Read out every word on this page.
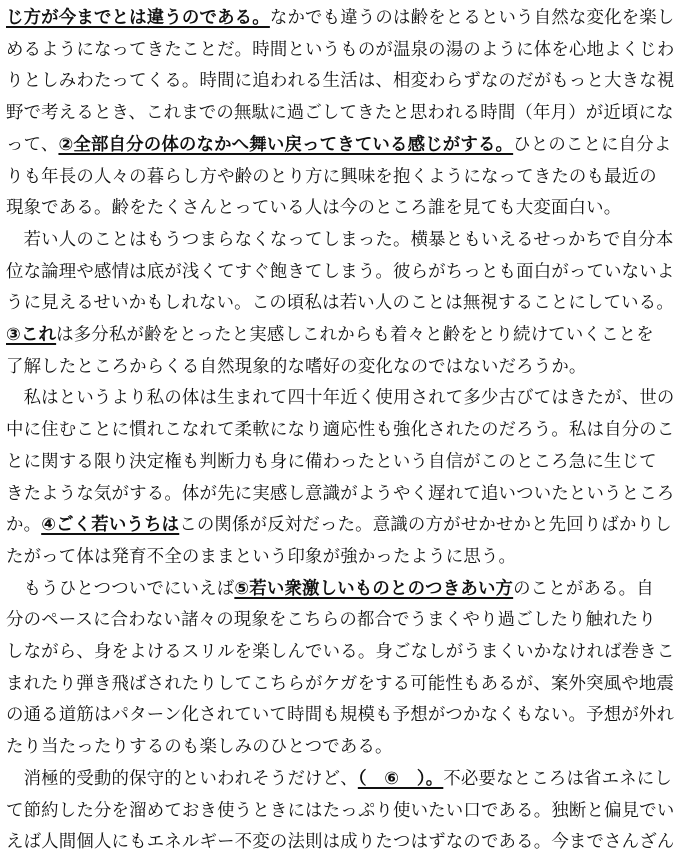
じ方が今までとは違うのである。なかでも違うのは齢をとるという自然な変化を楽し
めるようになってきたことだ。時間というものが温泉の湯のように体を心地よくじわ
りとしみわたってくる。時間に追われる生活は、相変わらずなのだがもっと大きな視
野で考えるとき、これまでの無駄に過ごしてきたと思われる時間（年月）が近頃にな
って、②全部自分の体のなかへ舞い戻ってきている感じがする。ひとのことに自分よ
りも年長の人々の暮らし方や齢のとり方に興味を抱くようになってきたのも最近の
現象である。齢をたくさんとっている人は今のところ誰を見ても大変面白い。
　若い人のことはもうつまらなくなってしまった。横暴ともいえるせっかちで自分本
位な論理や感情は底が浅くてすぐ飽きてしまう。彼らがちっとも面白がっていないよ
うに見えるせいかもしれない。この頃私は若い人のことは無視することにしている。
③これは多分私が齢をとったと実感しこれからも着々と齢をとり続けていくことを
了解したところからくる自然現象的な嗜好の変化なのではないだろうか。
　私はというより私の体は生まれて四十年近く使用されて多少古びてはきたが、世の
中に住むことに慣れこなれて柔軟になり適応性も強化されたのだろう。私は自分のこ
とに関する限り決定権も判断力も身に備わったという自信がこのところ急に生じて
きたような気がする。体が先に実感し意識がようやく遅れて追いついたというところ
か。④ごく若いうちはこの関係が反対だった。意識の方がせかせかと先回りばかりし
たがって体は発育不全のままという印象が強かったように思う。
　もうひとつついでにいえば⑤若い衆激しいものとのつきあい方のことがある。自
分のペースに合わない諸々の現象をこちらの都合でうまくやり過ごしたり触れたり
しながら、身をよけるスリルを楽しんでいる。身ごなしがうまくいかなければ巻きこ
まれたり弾き飛ばされたりしてこちらがケガをする可能性もあるが、案外突風や地震
の通る道筋はパターン化されていて時間も規模も予想がつかなくもない。予想が外れ
たり当たったりするのも楽しみのひとつである。
　消極的受動的保守的といわれそうだけど、（　⑥　）。不必要なところは省エネにし
て節約した分を溜めておき使うときにはたっぷり使いたい口である。独断と偏見でい
えば人間個人にもエネルギー不変の法則は成りたつはずなのである。今までさんざん
